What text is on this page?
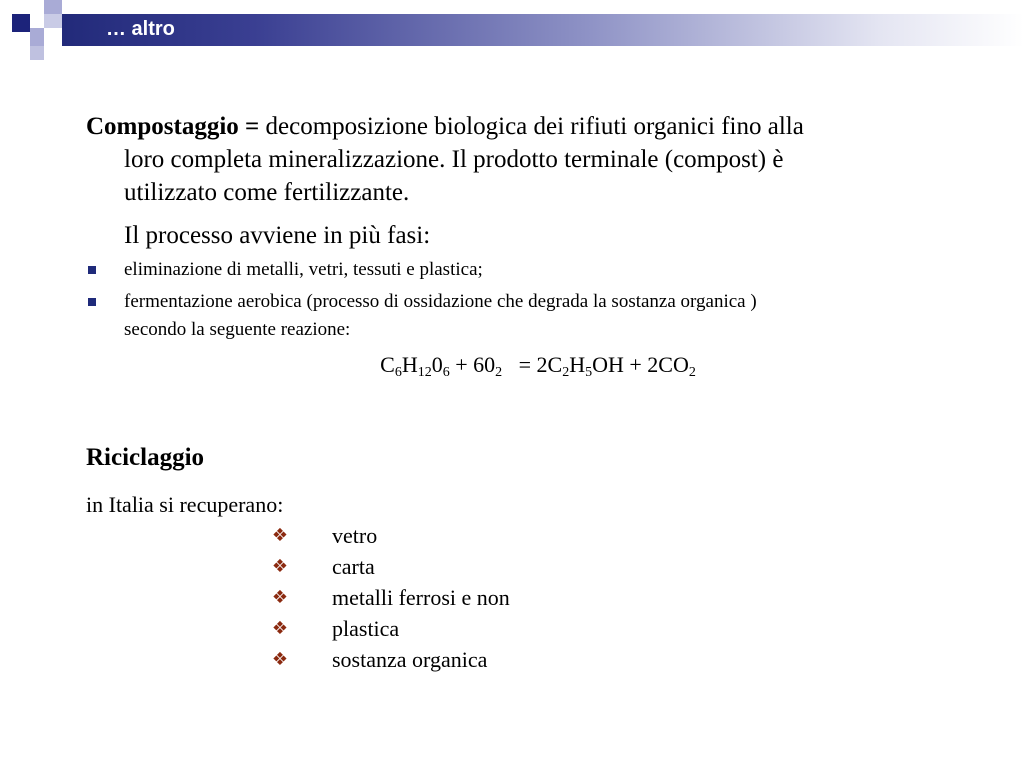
… altro
Compostaggio = decomposizione biologica dei rifiuti organici fino alla
loro completa mineralizzazione. Il prodotto terminale (compost) è
utilizzato come fertilizzante.
Il processo avviene in più fasi:
eliminazione di metalli, vetri, tessuti e plastica;
fermentazione aerobica (processo di ossidazione che degrada la sostanza organica )
secondo la seguente reazione:
$C_6H_{12}0_6 + 60_2 = 2C_2H_5OH + 2CO_2$
Riciclaggio
in Italia si recuperano:
❖ vetro
❖ carta
❖ metalli ferrosi e non
❖ plastica
❖ sostanza organica
